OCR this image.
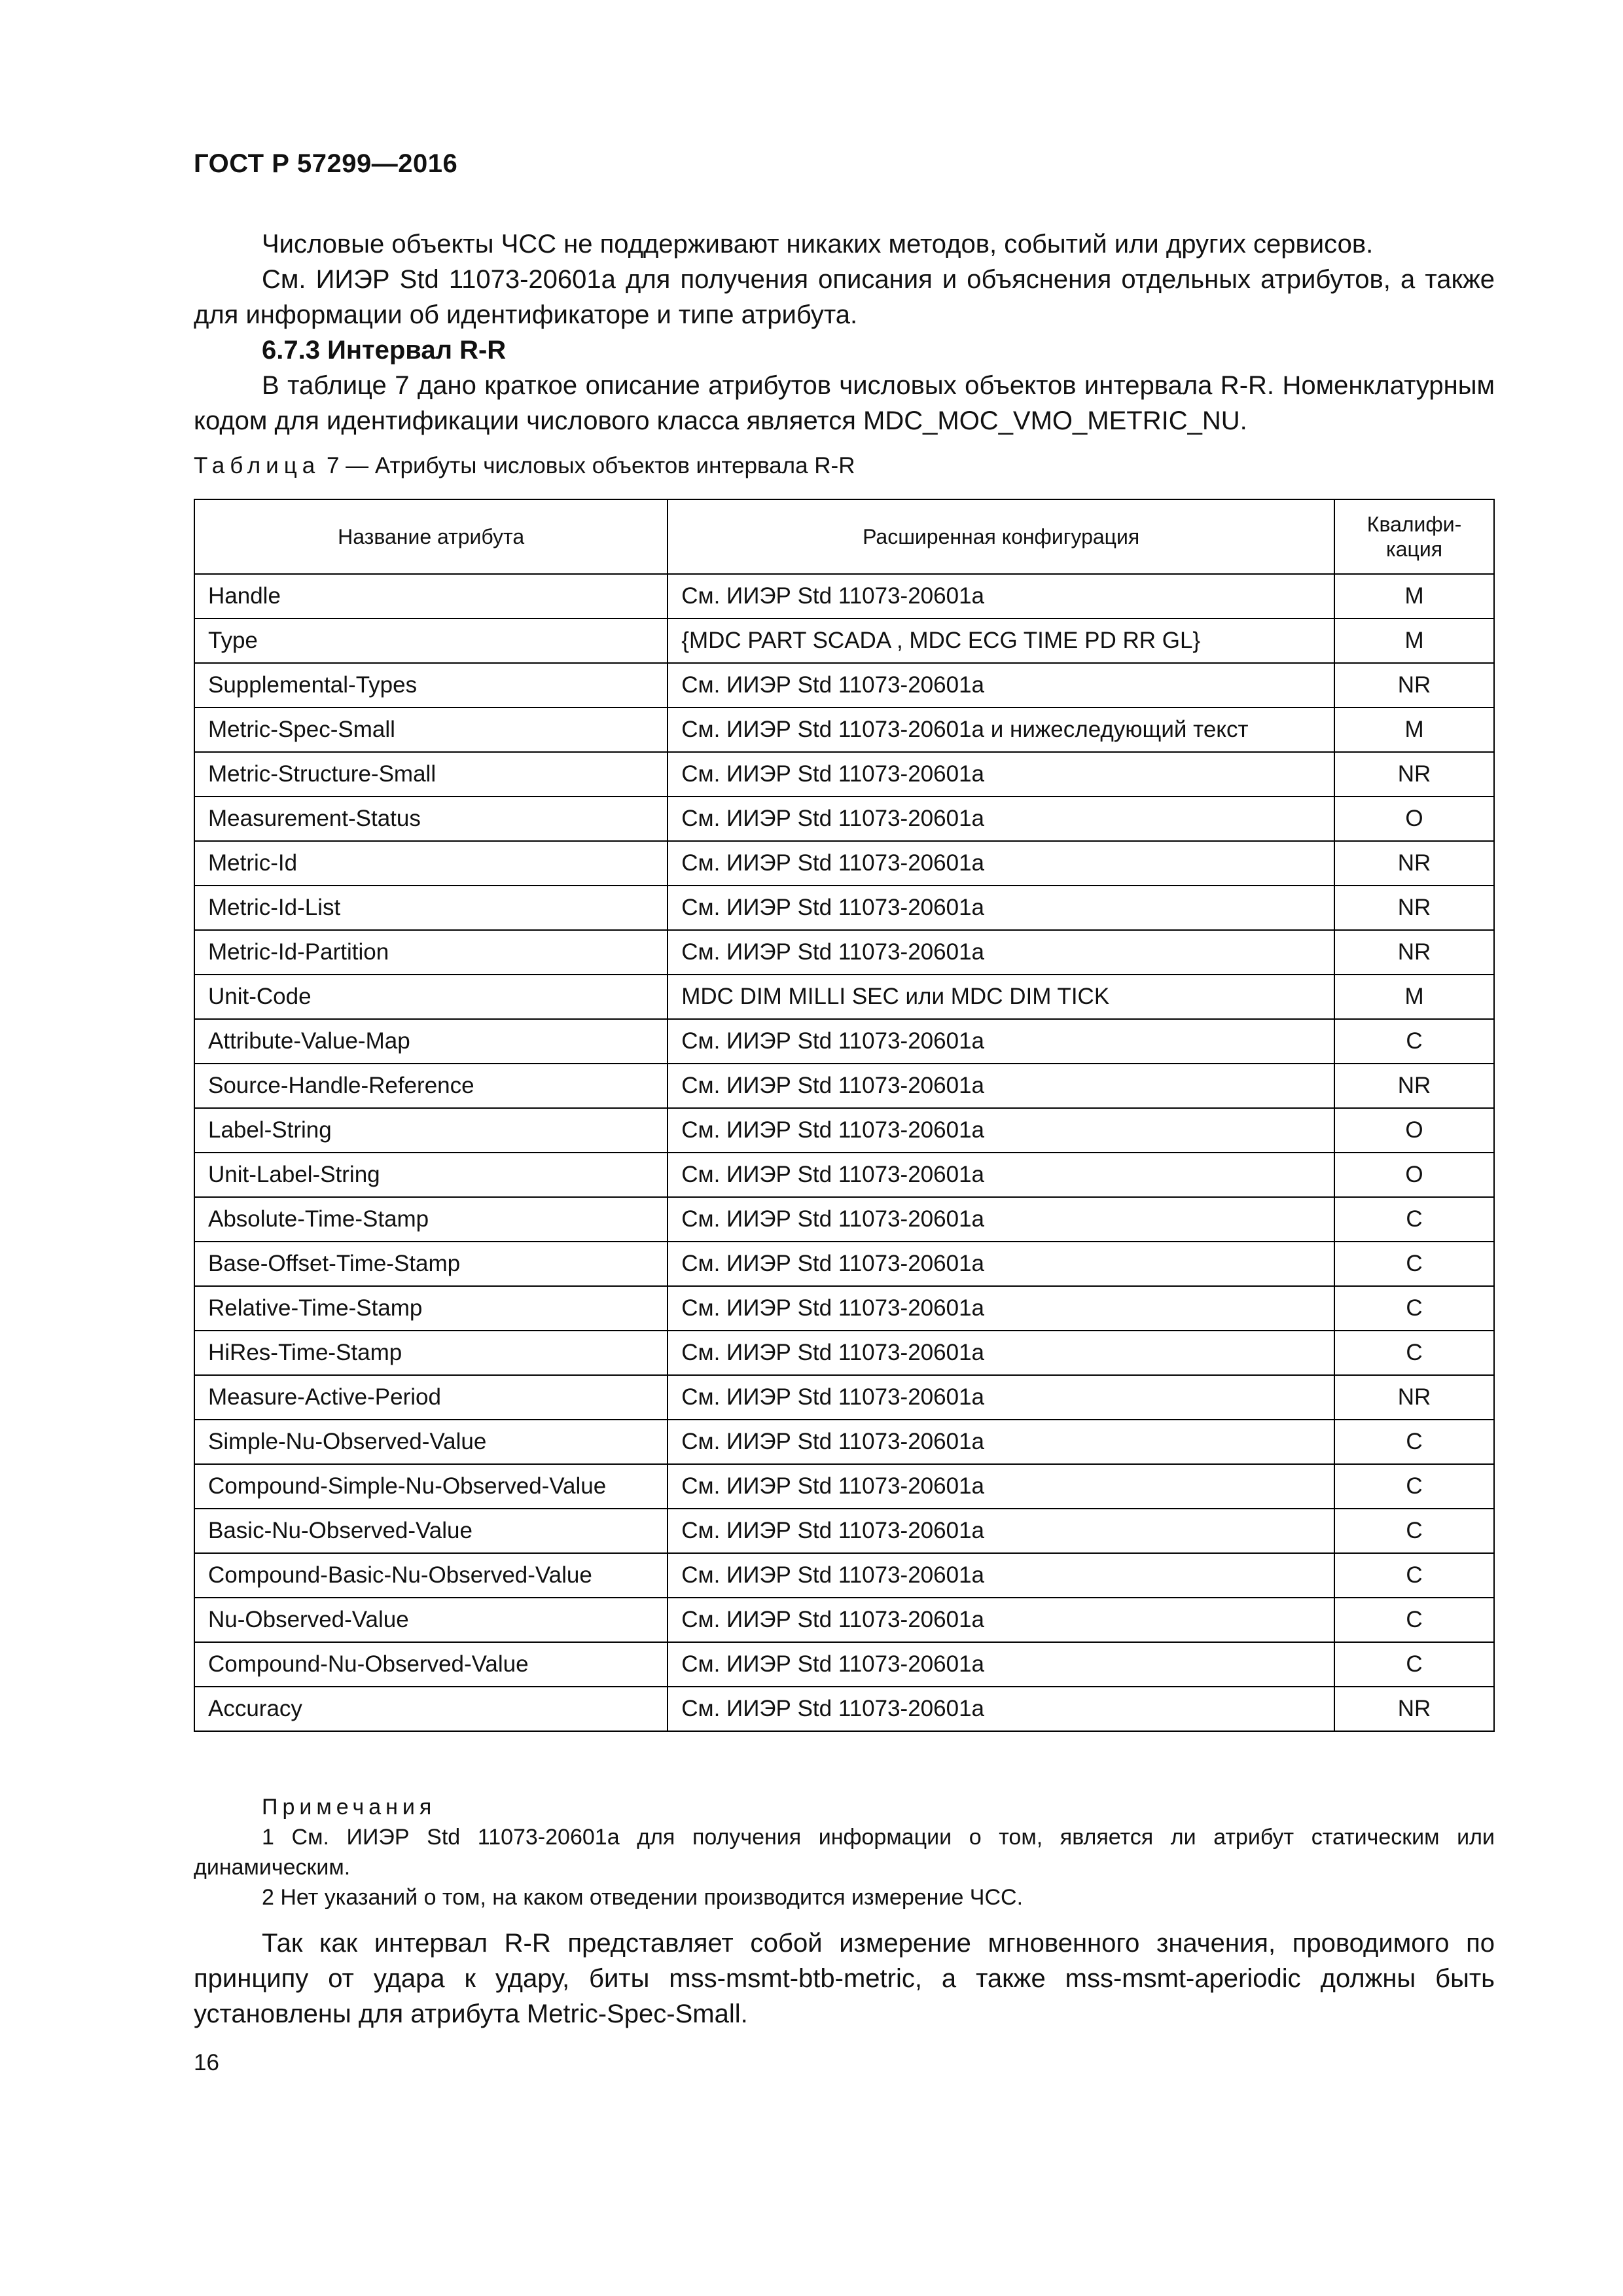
ГОСТ Р 57299—2016

Числовые объекты ЧСС не поддерживают никаких методов, событий или других сервисов.

См. ИИЭР Std 11073-20601а для получения описания и объяснения отдельных атрибутов, а также для информации об идентификаторе и типе атрибута.

6.7.3 Интервал R-R

В таблице 7 дано краткое описание атрибутов числовых объектов интервала R-R. Номенклатурным кодом для идентификации числового класса является MDC_MOC_VMO_METRIC_NU.

Таблица 7 — Атрибуты числовых объектов интервала R-R
Название атрибута	Расширенная конфигурация	Квалифи-
кация
Handle	См. ИИЭР Std 11073-20601а	М
Type	{MDC PART SCADA , MDC ECG TIME PD RR GL}	М
Supplemental-Types	См. ИИЭР Std 11073-20601а	NR
Metric-Spec-Small	См. ИИЭР Std 11073-20601а и нижеследующий текст	М
Metric-Structure-Small	См. ИИЭР Std 11073-20601а	NR
Measurement-Status	См. ИИЭР Std 11073-20601а	О
Metric-Id	См. ИИЭР Std 11073-20601а	NR
Metric-Id-List	См. ИИЭР Std 11073-20601а	NR
Metric-Id-Partition	См. ИИЭР Std 11073-20601а	NR
Unit-Code	MDC DIM MILLI SEC или MDC DIM TICK	М
Attribute-Value-Map	См. ИИЭР Std 11073-20601а	С
Source-Handle-Reference	См. ИИЭР Std 11073-20601а	NR
Label-String	См. ИИЭР Std 11073-20601а	О
Unit-Label-String	См. ИИЭР Std 11073-20601а	О
Absolute-Time-Stamp	См. ИИЭР Std 11073-20601а	С
Base-Offset-Time-Stamp	См. ИИЭР Std 11073-20601а	С
Relative-Time-Stamp	См. ИИЭР Std 11073-20601а	С
HiRes-Time-Stamp	См. ИИЭР Std 11073-20601а	С
Measure-Active-Period	См. ИИЭР Std 11073-20601а	NR
Simple-Nu-Observed-Value	См. ИИЭР Std 11073-20601а	С
Compound-Simple-Nu-Observed-Value	См. ИИЭР Std 11073-20601а	С
Basic-Nu-Observed-Value	См. ИИЭР Std 11073-20601а	С
Compound-Basic-Nu-Observed-Value	См. ИИЭР Std 11073-20601а	С
Nu-Observed-Value	См. ИИЭР Std 11073-20601а	С
Compound-Nu-Observed-Value	См. ИИЭР Std 11073-20601а	С
Accuracy	См. ИИЭР Std 11073-20601а	NR

Примечания

1 См. ИИЭР Std 11073-20601а для получения информации о том, является ли атрибут статическим или динамическим.

2 Нет указаний о том, на каком отведении производится измерение ЧСС.

Так как интервал R-R представляет собой измерение мгновенного значения, проводимого по принципу от удара к удару, биты mss-msmt-btb-metric, а также mss-msmt-aperiodic должны быть установлены для атрибута Metric-Spec-Small.

16
